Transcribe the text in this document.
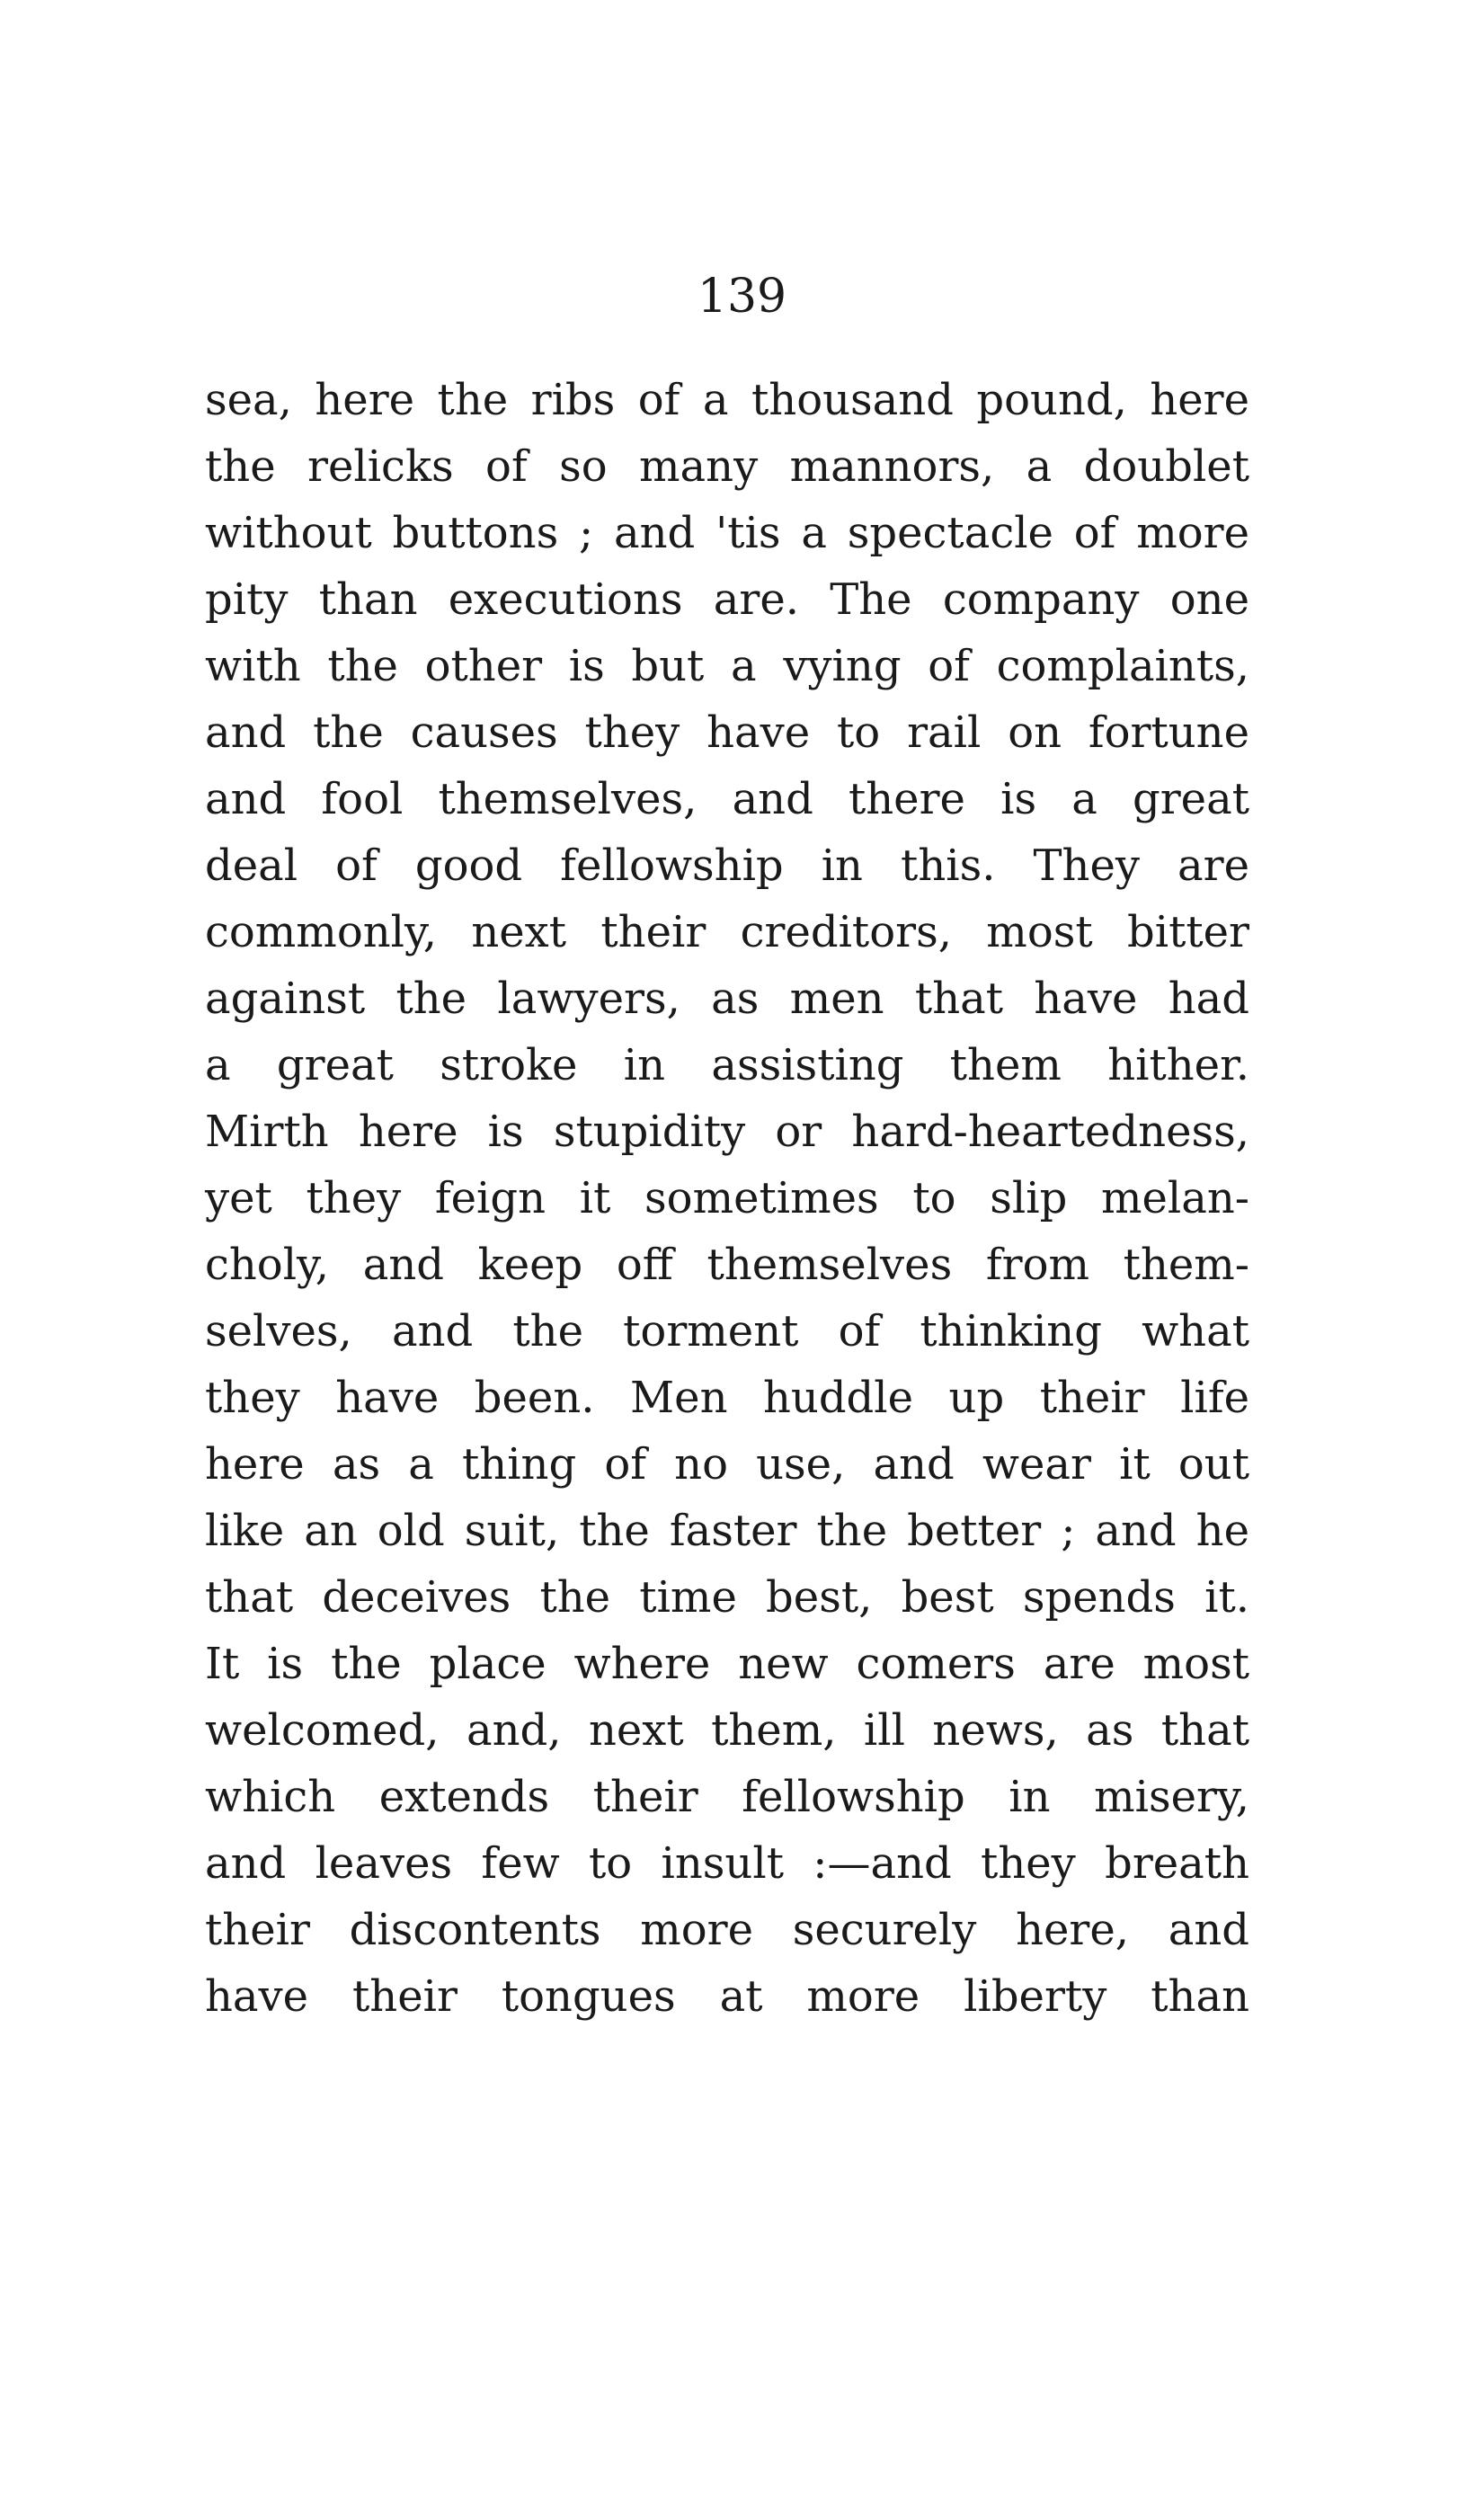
139
sea, here the ribs of a thousand pound, here
the relicks of so many mannors, a doublet
without buttons ; and 'tis a spectacle of more
pity than executions are. The company one
with the other is but a vying of complaints,
and the causes they have to rail on fortune
and fool themselves, and there is a great
deal of good fellowship in this. They are
commonly, next their creditors, most bitter
against the lawyers, as men that have had
a great stroke in assisting them hither.
Mirth here is stupidity or hard-heartedness,
yet they feign it sometimes to slip melan-
choly, and keep off themselves from them-
selves, and the torment of thinking what
they have been. Men huddle up their life
here as a thing of no use, and wear it out
like an old suit, the faster the better ; and he
that deceives the time best, best spends it.
It is the place where new comers are most
welcomed, and, next them, ill news, as that
which extends their fellowship in misery,
and leaves few to insult :—and they breath
their discontents more securely here, and
have their tongues at more liberty than
